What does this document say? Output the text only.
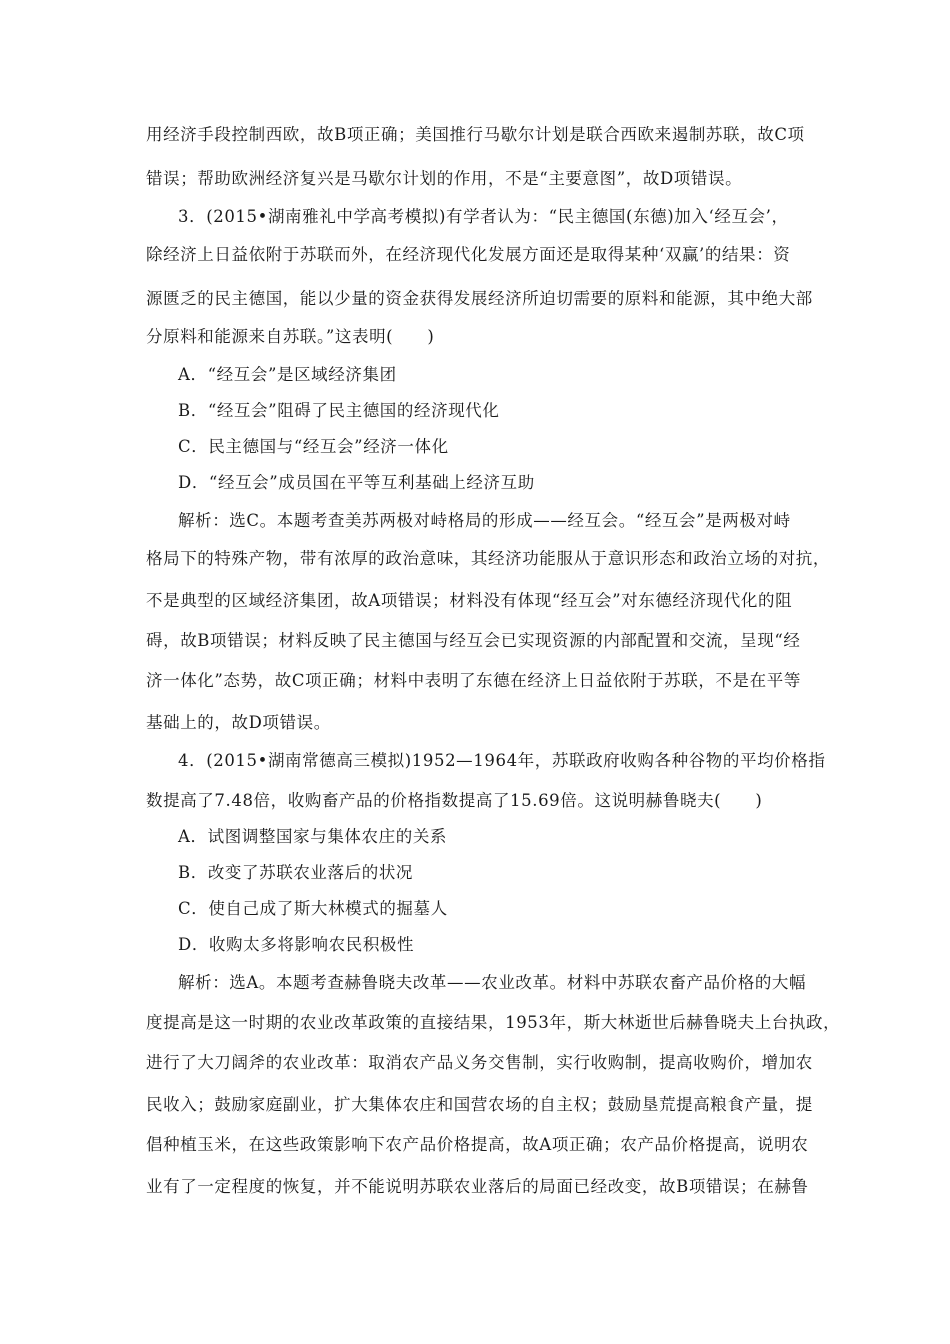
用经济手段控制西欧，故B项正确；美国推行马歇尔计划是联合西欧来遏制苏联，故C项
错误；帮助欧洲经济复兴是马歇尔计划的作用，不是“主要意图”，故D项错误。
3．(2015•湖南雅礼中学高考模拟)有学者认为：“民主德国(东德)加入‘经互会’，
除经济上日益依附于苏联而外，在经济现代化发展方面还是取得某种‘双赢’的结果：资
源匮乏的民主德国，能以少量的资金获得发展经济所迫切需要的原料和能源，其中绝大部
分原料和能源来自苏联。”这表明(　　)
A．“经互会”是区域经济集团
B．“经互会”阻碍了民主德国的经济现代化
C．民主德国与“经互会”经济一体化
D．“经互会”成员国在平等互利基础上经济互助
解析：选C。本题考查美苏两极对峙格局的形成——经互会。“经互会”是两极对峙
格局下的特殊产物，带有浓厚的政治意味，其经济功能服从于意识形态和政治立场的对抗，
不是典型的区域经济集团，故A项错误；材料没有体现“经互会”对东德经济现代化的阻
碍，故B项错误；材料反映了民主德国与经互会已实现资源的内部配置和交流，呈现“经
济一体化”态势，故C项正确；材料中表明了东德在经济上日益依附于苏联，不是在平等
基础上的，故D项错误。
4．(2015•湖南常德高三模拟)1952—1964年，苏联政府收购各种谷物的平均价格指
数提高了7.48倍，收购畜产品的价格指数提高了15.69倍。这说明赫鲁晓夫(　　)
A．试图调整国家与集体农庄的关系
B．改变了苏联农业落后的状况
C．使自己成了斯大林模式的掘墓人
D．收购太多将影响农民积极性
解析：选A。本题考查赫鲁晓夫改革——农业改革。材料中苏联农畜产品价格的大幅
度提高是这一时期的农业改革政策的直接结果，1953年，斯大林逝世后赫鲁晓夫上台执政，
进行了大刀阔斧的农业改革：取消农产品义务交售制，实行收购制，提高收购价，增加农
民收入；鼓励家庭副业，扩大集体农庄和国营农场的自主权；鼓励垦荒提高粮食产量，提
倡种植玉米，在这些政策影响下农产品价格提高，故A项正确；农产品价格提高，说明农
业有了一定程度的恢复，并不能说明苏联农业落后的局面已经改变，故B项错误；在赫鲁
